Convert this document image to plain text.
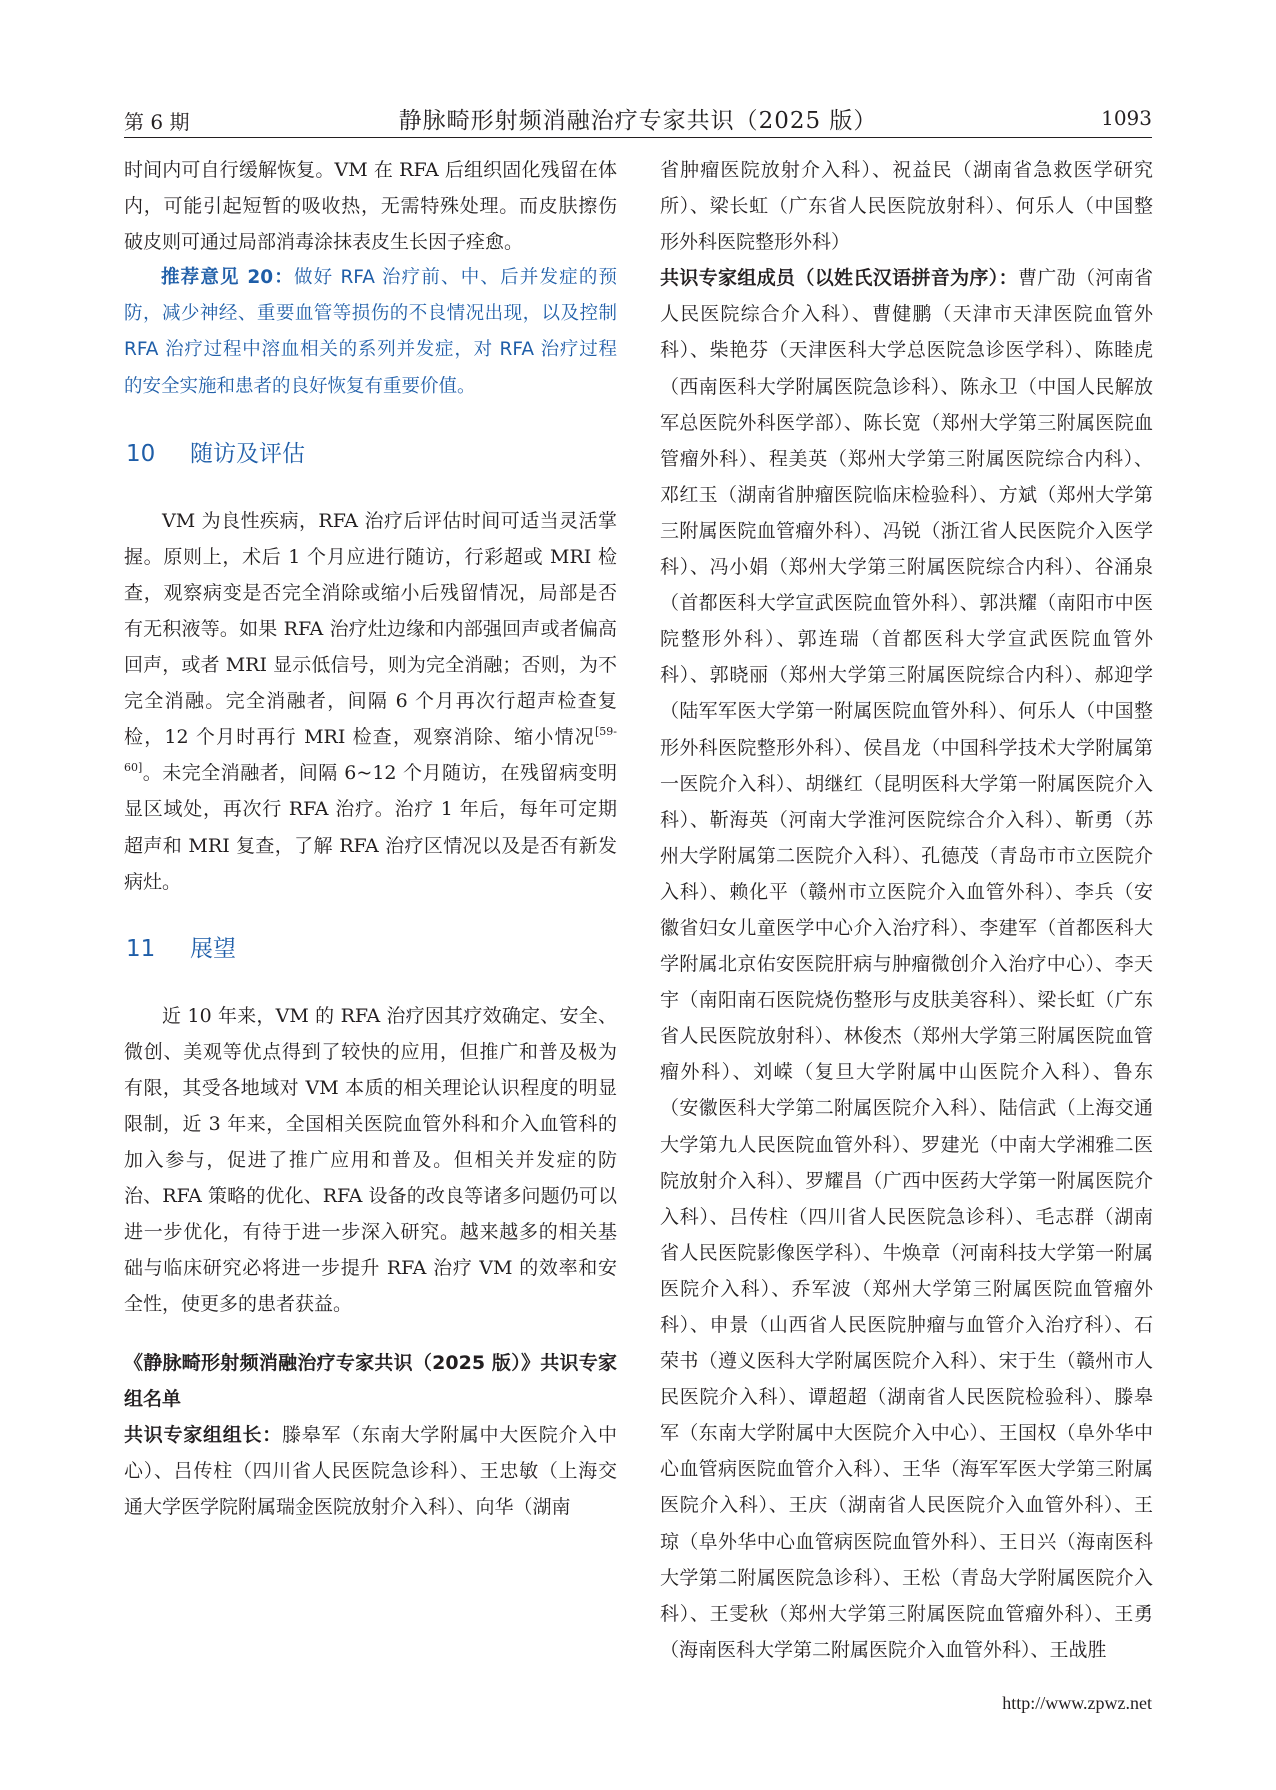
第 6 期	静脉畸形射频消融治疗专家共识（2025 版）	1093

时间内可自行缓解恢复。VM 在 RFA 后组织固化残留在体内，可能引起短暂的吸收热，无需特殊处理。而皮肤擦伤破皮则可通过局部消毒涂抹表皮生长因子痊愈。

推荐意见 20：做好 RFA 治疗前、中、后并发症的预防，减少神经、重要血管等损伤的不良情况出现，以及控制 RFA 治疗过程中溶血相关的系列并发症，对 RFA 治疗过程的安全实施和患者的良好恢复有重要价值。

10 随访及评估

VM 为良性疾病，RFA 治疗后评估时间可适当灵活掌握。原则上，术后 1 个月应进行随访，行彩超或 MRI 检查，观察病变是否完全消除或缩小后残留情况，局部是否有无积液等。如果 RFA 治疗灶边缘和内部强回声或者偏高回声，或者 MRI 显示低信号，则为完全消融；否则，为不完全消融。完全消融者，间隔 6 个月再次行超声检查复检，12 个月时再行 MRI 检查，观察消除、缩小情况[59-60]。未完全消融者，间隔 6~12 个月随访，在残留病变明显区域处，再次行 RFA 治疗。治疗 1 年后，每年可定期超声和 MRI 复查，了解 RFA 治疗区情况以及是否有新发病灶。

11 展望

近 10 年来，VM 的 RFA 治疗因其疗效确定、安全、微创、美观等优点得到了较快的应用，但推广和普及极为有限，其受各地域对 VM 本质的相关理论认识程度的明显限制，近 3 年来，全国相关医院血管外科和介入血管科的加入参与，促进了推广应用和普及。但相关并发症的防治、RFA 策略的优化、RFA 设备的改良等诸多问题仍可以进一步优化，有待于进一步深入研究。越来越多的相关基础与临床研究必将进一步提升 RFA 治疗 VM 的效率和安全性，使更多的患者获益。

《静脉畸形射频消融治疗专家共识（2025 版）》共识专家组名单

共识专家组组长：滕皋军（东南大学附属中大医院介入中心）、吕传柱（四川省人民医院急诊科）、王忠敏（上海交通大学医学院附属瑞金医院放射介入科）、向华（湖南

省肿瘤医院放射介入科）、祝益民（湖南省急救医学研究所）、梁长虹（广东省人民医院放射科）、何乐人（中国整形外科医院整形外科）

共识专家组成员（以姓氏汉语拼音为序）：曹广劭（河南省人民医院综合介入科）、曹健鹏（天津市天津医院血管外科）、柴艳芬（天津医科大学总医院急诊医学科）、陈睦虎（西南医科大学附属医院急诊科）、陈永卫（中国人民解放军总医院外科医学部）、陈长宽（郑州大学第三附属医院血管瘤外科）、程美英（郑州大学第三附属医院综合内科）、邓红玉（湖南省肿瘤医院临床检验科）、方斌（郑州大学第三附属医院血管瘤外科）、冯锐（浙江省人民医院介入医学科）、冯小娟（郑州大学第三附属医院综合内科）、谷涌泉（首都医科大学宣武医院血管外科）、郭洪耀（南阳市中医院整形外科）、郭连瑞（首都医科大学宣武医院血管外科）、郭晓丽（郑州大学第三附属医院综合内科）、郝迎学（陆军军医大学第一附属医院血管外科）、何乐人（中国整形外科医院整形外科）、侯昌龙（中国科学技术大学附属第一医院介入科）、胡继红（昆明医科大学第一附属医院介入科）、靳海英（河南大学淮河医院综合介入科）、靳勇（苏州大学附属第二医院介入科）、孔德茂（青岛市市立医院介入科）、赖化平（赣州市立医院介入血管外科）、李兵（安徽省妇女儿童医学中心介入治疗科）、李建军（首都医科大学附属北京佑安医院肝病与肿瘤微创介入治疗中心）、李天宇（南阳南石医院烧伤整形与皮肤美容科）、梁长虹（广东省人民医院放射科）、林俊杰（郑州大学第三附属医院血管瘤外科）、刘嵘（复旦大学附属中山医院介入科）、鲁东（安徽医科大学第二附属医院介入科）、陆信武（上海交通大学第九人民医院血管外科）、罗建光（中南大学湘雅二医院放射介入科）、罗耀昌（广西中医药大学第一附属医院介入科）、吕传柱（四川省人民医院急诊科）、毛志群（湖南省人民医院影像医学科）、牛焕章（河南科技大学第一附属医院介入科）、乔军波（郑州大学第三附属医院血管瘤外科）、申景（山西省人民医院肿瘤与血管介入治疗科）、石荣书（遵义医科大学附属医院介入科）、宋于生（赣州市人民医院介入科）、谭超超（湖南省人民医院检验科）、滕皋军（东南大学附属中大医院介入中心）、王国权（阜外华中心血管病医院血管介入科）、王华（海军军医大学第三附属医院介入科）、王庆（湖南省人民医院介入血管外科）、王琼（阜外华中心血管病医院血管外科）、王日兴（海南医科大学第二附属医院急诊科）、王松（青岛大学附属医院介入科）、王雯秋（郑州大学第三附属医院血管瘤外科）、王勇（海南医科大学第二附属医院介入血管外科）、王战胜

http://www.zpwz.net
